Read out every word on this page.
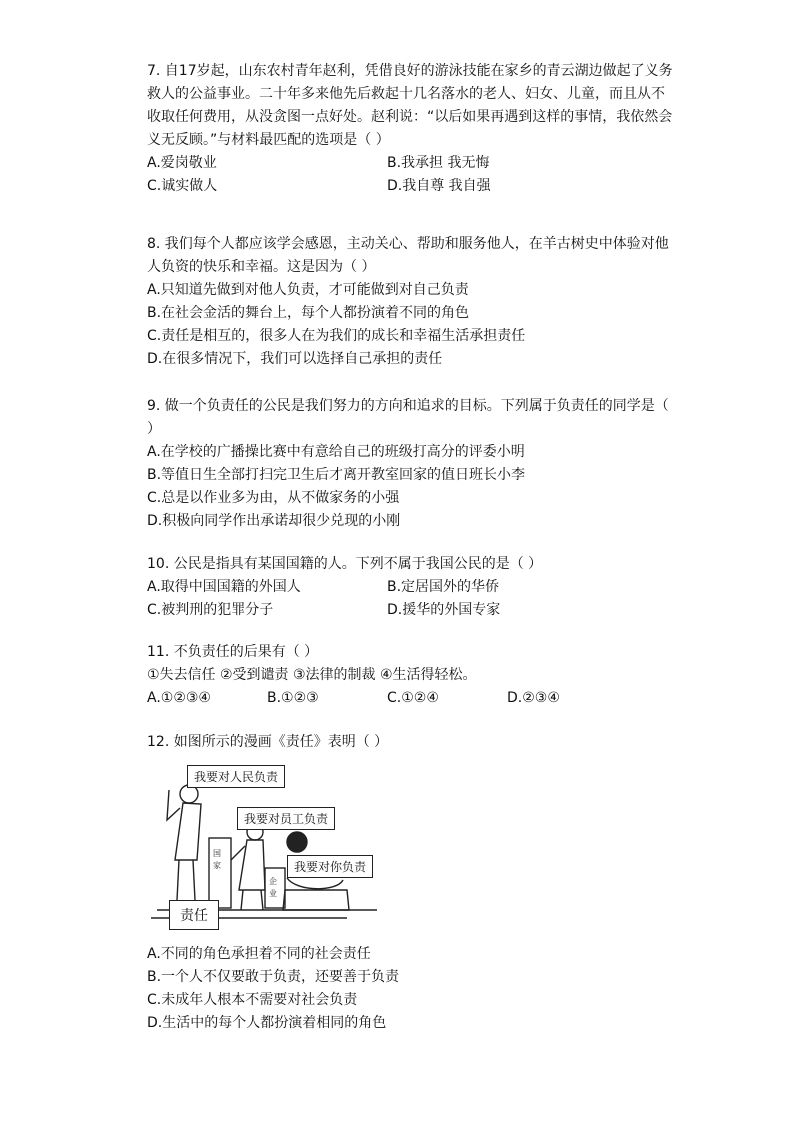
7. 自17岁起，山东农村青年赵利，凭借良好的游泳技能在家乡的青云湖边做起了义务救人的公益事业。二十年多来他先后救起十几名落水的老人、妇女、儿童，而且从不收取任何费用，从没贪图一点好处。赵利说：“以后如果再遇到这样的事情，我依然会义无反顾。”与材料最匹配的选项是（ ）

A.爱岗敬业	B.我承担 我无悔
C.诚实做人	D.我自尊 我自强

8. 我们每个人都应该学会感恩，主动关心、帮助和服务他人，在羊古树史中体验对他人负资的快乐和幸福。这是因为（ ）

A.只知道先做到对他人负责，才可能做到对自己负责
B.在社会金活的舞台上，每个人都扮演着不同的角色
C.责任是相互的，很多人在为我们的成长和幸福生活承担责任
D.在很多情况下，我们可以选择自己承担的责任

9. 做一个负责任的公民是我们努力的方向和追求的目标。下列属于负责任的同学是（ ）

A.在学校的广播操比赛中有意给自己的班级打高分的评委小明
B.等值日生全部打扫完卫生后才离开教室回家的值日班长小李
C.总是以作业多为由，从不做家务的小强
D.积极向同学作出承诺却很少兑现的小刚

10. 公民是指具有某国国籍的人。下列不属于我国公民的是（ ）

A.取得中国国籍的外国人	B.定居国外的华侨
C.被判刑的犯罪分子	D.援华的外国专家

11. 不负责任的后果有（ ）

①失去信任 ②受到谴责 ③法律的制裁 ④生活得轻松。

A.①②③④	B.①②③	C.①②④	D.②③④

12. 如图所示的漫画《责任》表明（ ）

国
家
企
业
我要对人民负责
我要对员工负责
我要对你负责
责任
A.不同的角色承担着不同的社会责任
B.一个人不仅要敢于负责，还要善于负责
C.未成年人根本不需要对社会负责
D.生活中的每个人都扮演着相同的角色
